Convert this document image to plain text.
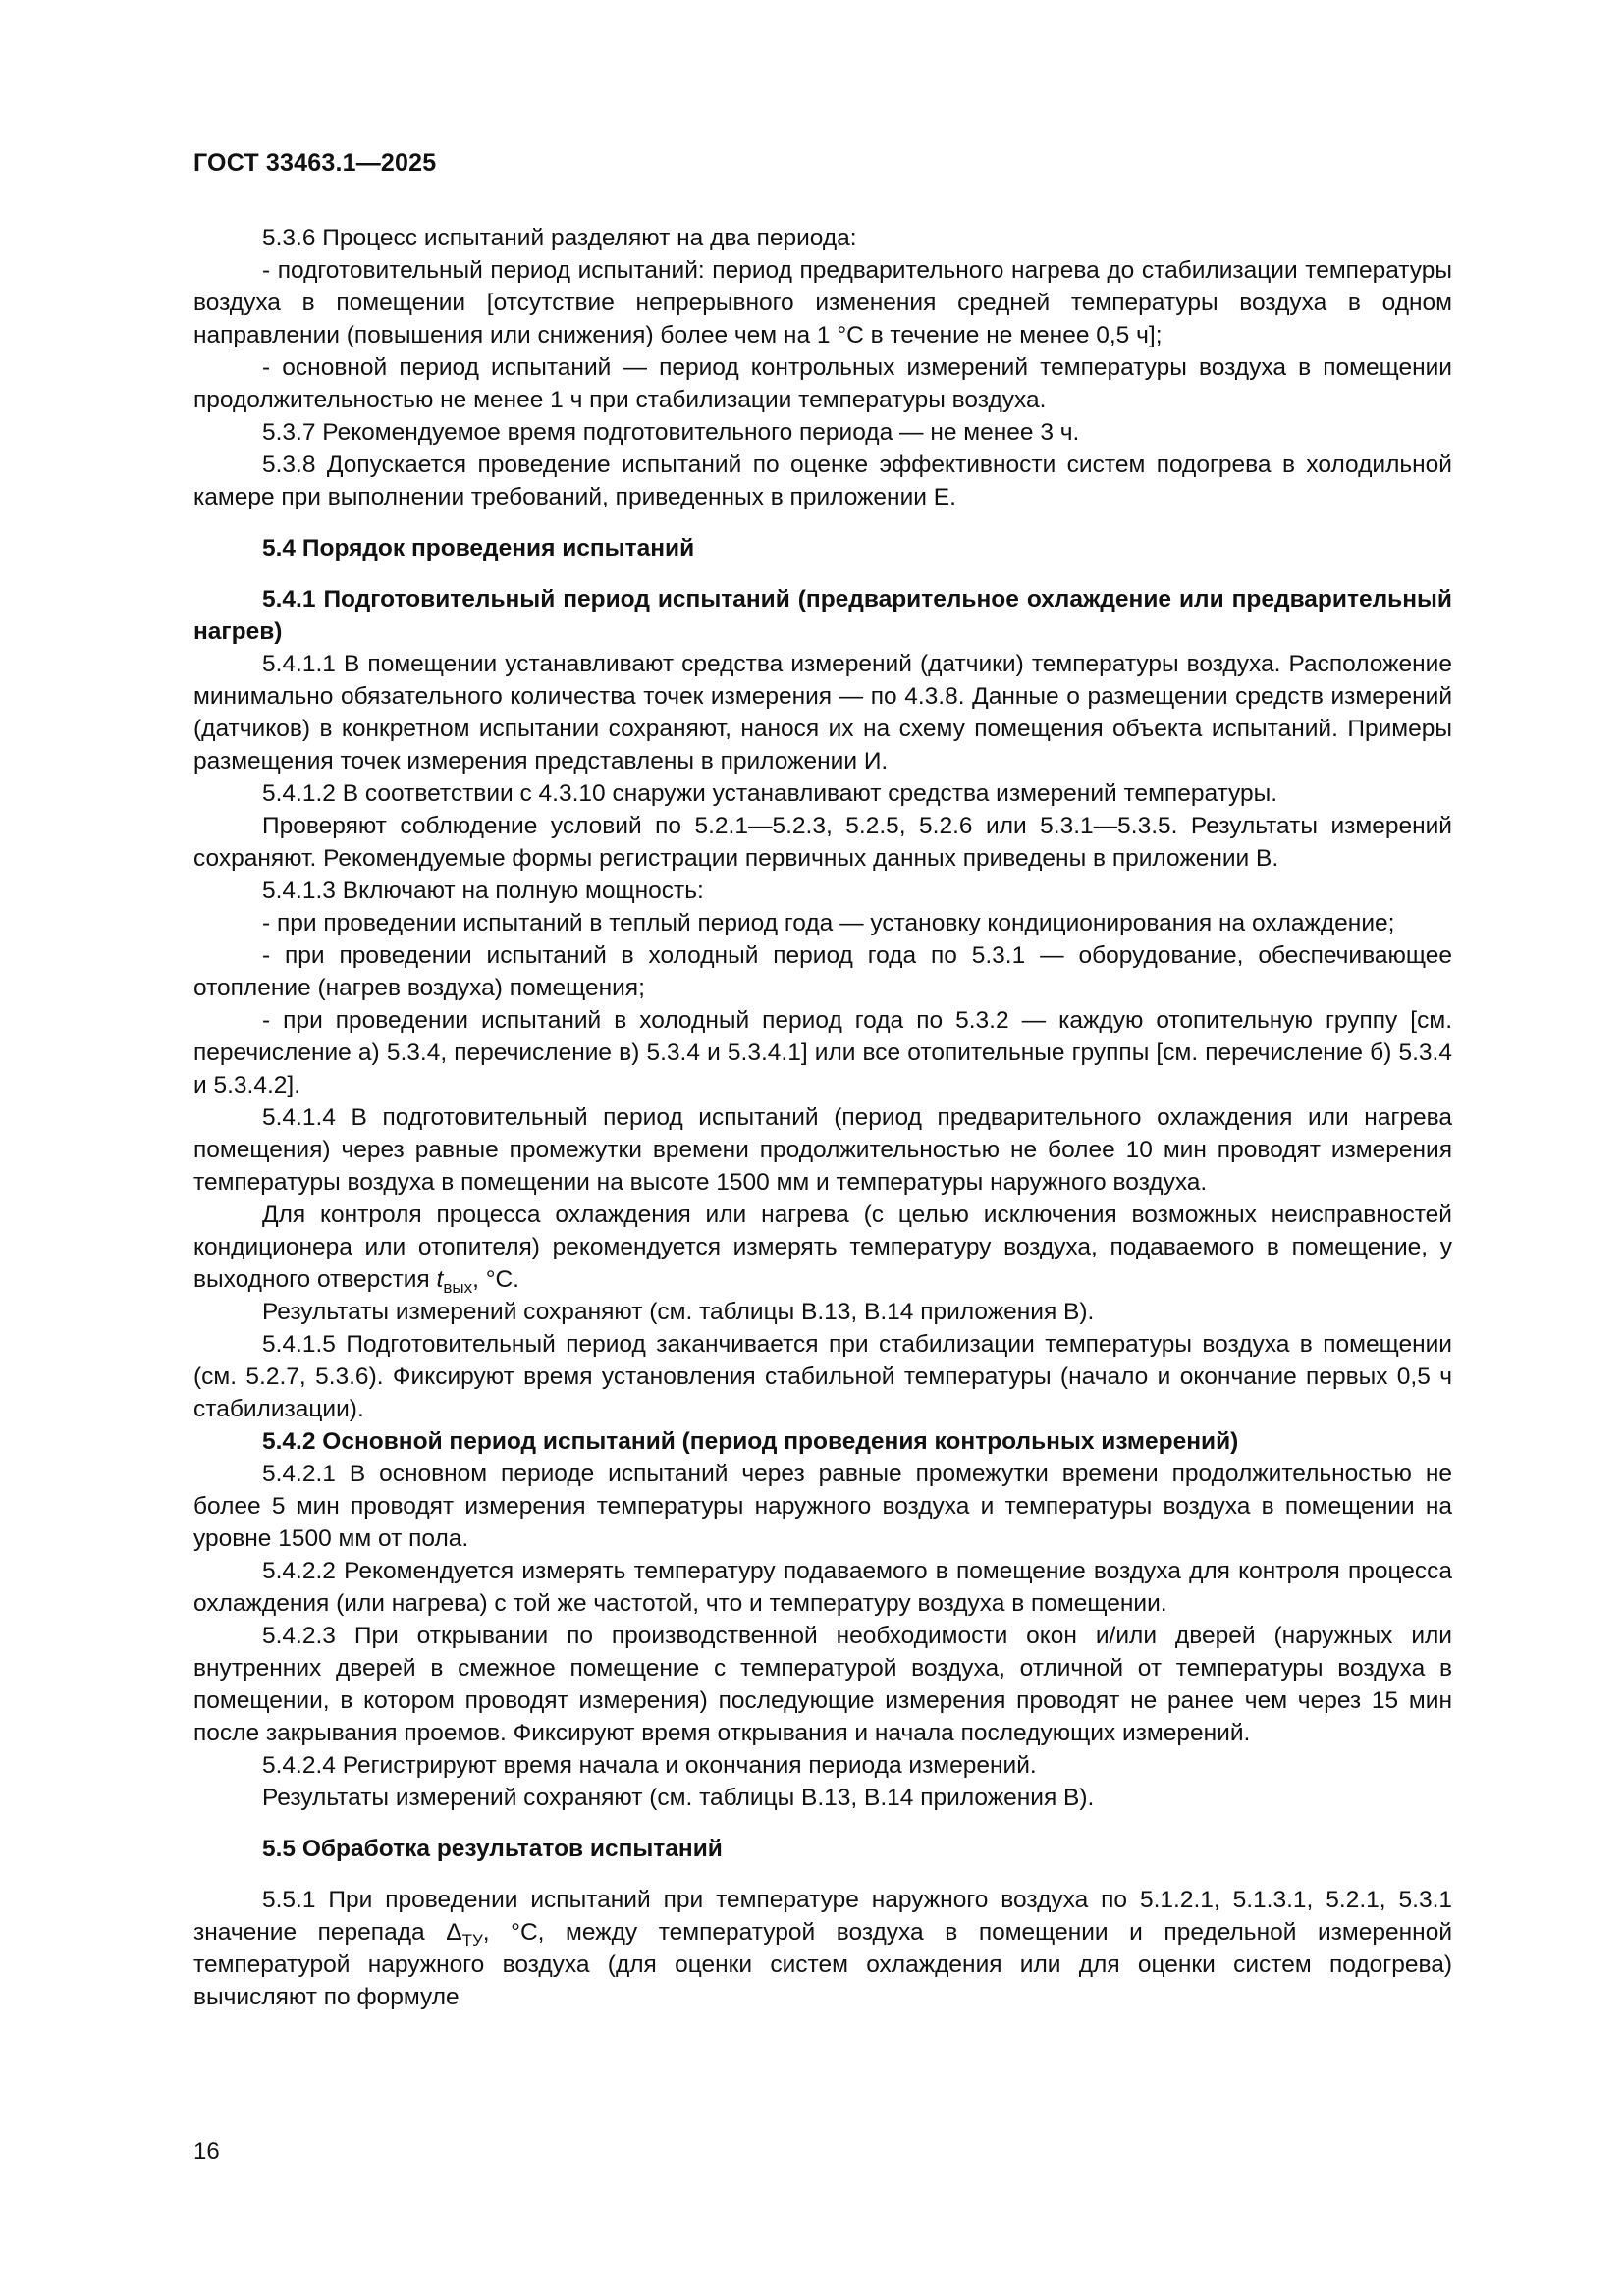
ГОСТ 33463.1—2025

5.3.6 Процесс испытаний разделяют на два периода:

- подготовительный период испытаний: период предварительного нагрева до стабилизации температуры воздуха в помещении [отсутствие непрерывного изменения средней температуры воздуха в одном направлении (повышения или снижения) более чем на 1 °С в течение не менее 0,5 ч];

- основной период испытаний — период контрольных измерений температуры воздуха в помещении продолжительностью не менее 1 ч при стабилизации температуры воздуха.

5.3.7 Рекомендуемое время подготовительного периода — не менее 3 ч.

5.3.8 Допускается проведение испытаний по оценке эффективности систем подогрева в холодильной камере при выполнении требований, приведенных в приложении Е.

5.4 Порядок проведения испытаний

5.4.1 Подготовительный период испытаний (предварительное охлаждение или предварительный нагрев)

5.4.1.1 В помещении устанавливают средства измерений (датчики) температуры воздуха. Расположение минимально обязательного количества точек измерения — по 4.3.8. Данные о размещении средств измерений (датчиков) в конкретном испытании сохраняют, нанося их на схему помещения объекта испытаний. Примеры размещения точек измерения представлены в приложении И.

5.4.1.2 В соответствии с 4.3.10 снаружи устанавливают средства измерений температуры.

Проверяют соблюдение условий по 5.2.1—5.2.3, 5.2.5, 5.2.6 или 5.3.1—5.3.5. Результаты измерений сохраняют. Рекомендуемые формы регистрации первичных данных приведены в приложении В.

5.4.1.3 Включают на полную мощность:

- при проведении испытаний в теплый период года — установку кондиционирования на охлаждение;

- при проведении испытаний в холодный период года по 5.3.1 — оборудование, обеспечивающее отопление (нагрев воздуха) помещения;

- при проведении испытаний в холодный период года по 5.3.2 — каждую отопительную группу [см. перечисление а) 5.3.4, перечисление в) 5.3.4 и 5.3.4.1] или все отопительные группы [см. перечисление б) 5.3.4 и 5.3.4.2].

5.4.1.4 В подготовительный период испытаний (период предварительного охлаждения или нагрева помещения) через равные промежутки времени продолжительностью не более 10 мин проводят измерения температуры воздуха в помещении на высоте 1500 мм и температуры наружного воздуха.

Для контроля процесса охлаждения или нагрева (с целью исключения возможных неисправностей кондиционера или отопителя) рекомендуется измерять температуру воздуха, подаваемого в помещение, у выходного отверстия $t_{вых}$, °С.

Результаты измерений сохраняют (см. таблицы В.13, В.14 приложения В).

5.4.1.5 Подготовительный период заканчивается при стабилизации температуры воздуха в помещении (см. 5.2.7, 5.3.6). Фиксируют время установления стабильной температуры (начало и окончание первых 0,5 ч стабилизации).

5.4.2 Основной период испытаний (период проведения контрольных измерений)

5.4.2.1 В основном периоде испытаний через равные промежутки времени продолжительностью не более 5 мин проводят измерения температуры наружного воздуха и температуры воздуха в помещении на уровне 1500 мм от пола.

5.4.2.2 Рекомендуется измерять температуру подаваемого в помещение воздуха для контроля процесса охлаждения (или нагрева) с той же частотой, что и температуру воздуха в помещении.

5.4.2.3 При открывании по производственной необходимости окон и/или дверей (наружных или внутренних дверей в смежное помещение с температурой воздуха, отличной от температуры воздуха в помещении, в котором проводят измерения) последующие измерения проводят не ранее чем через 15 мин после закрывания проемов. Фиксируют время открывания и начала последующих измерений.

5.4.2.4 Регистрируют время начала и окончания периода измерений.

Результаты измерений сохраняют (см. таблицы В.13, В.14 приложения В).

5.5 Обработка результатов испытаний

5.5.1 При проведении испытаний при температуре наружного воздуха по 5.1.2.1, 5.1.3.1, 5.2.1, 5.3.1 значение перепада $\Delta_{ТУ}$, °С, между температурой воздуха в помещении и предельной измеренной температурой наружного воздуха (для оценки систем охлаждения или для оценки систем подогрева) вычисляют по формуле

16
